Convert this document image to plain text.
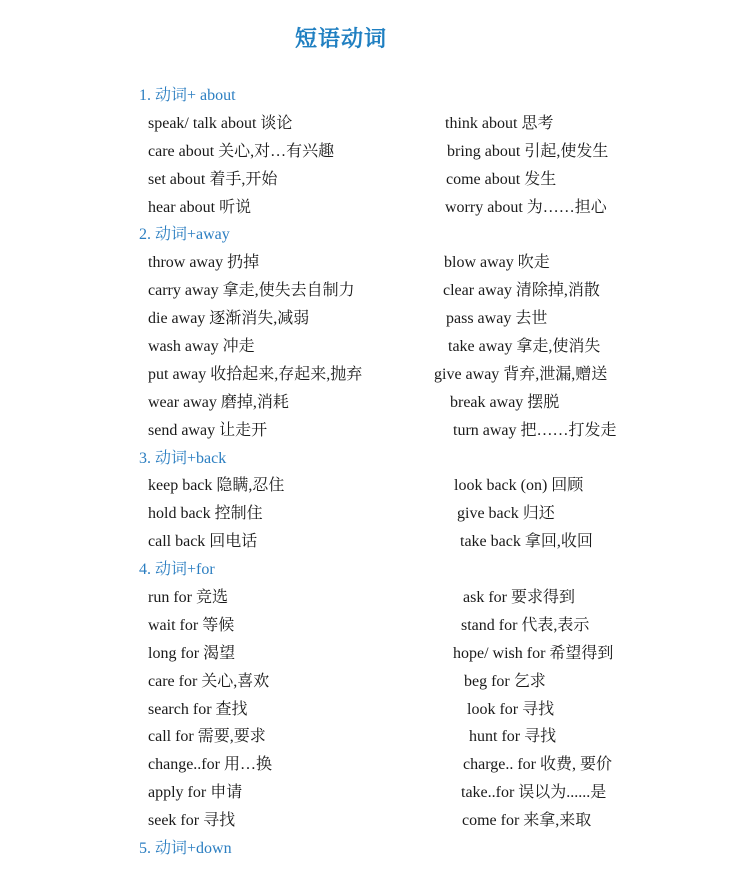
短语动词
1. 动词+ about
speak/ talk about 谈论	think about 思考
care about 关心,对…有兴趣	bring about 引起,使发生
set about 着手,开始	come about 发生
hear about 听说	worry about 为……担心
2. 动词+away
throw away 扔掉	blow away 吹走
carry away 拿走,使失去自制力	clear away 清除掉,消散
die away 逐渐消失,减弱	pass away 去世
wash away 冲走	take away 拿走,使消失
put away 收拾起来,存起来,抛弃	give away 背弃,泄漏,赠送
wear away 磨掉,消耗	break away 摆脱
send away 让走开	turn away 把……打发走
3. 动词+back
keep back 隐瞒,忍住	look back (on) 回顾
hold back 控制住	give back 归还
call back 回电话	take back 拿回,收回
4. 动词+for
run for 竞选	ask for 要求得到
wait for 等候	stand for 代表,表示
long for 渴望	hope/ wish for 希望得到
care for 关心,喜欢	beg for 乞求
search for 查找	look for 寻找
call for 需要,要求	hunt for 寻找
change..for 用…换	charge.. for 收费, 要价
apply for 申请	take..for 误以为......是
seek for 寻找	come for 来拿,来取
5. 动词+down
